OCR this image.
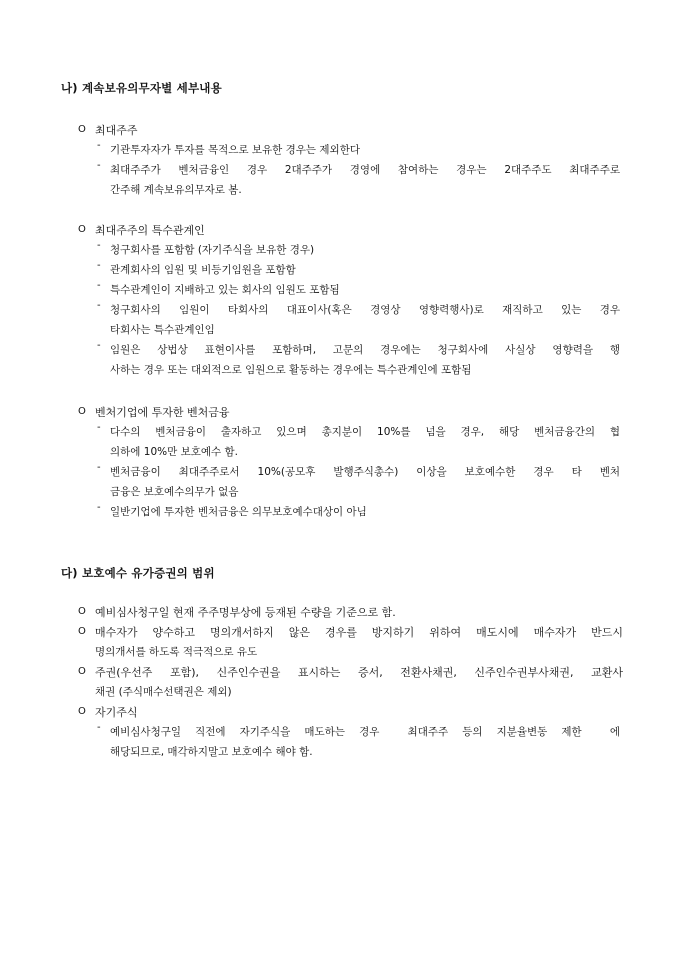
나) 계속보유의무자별 세부내용
O 최대주주
- 기관투자자가 투자를 목적으로 보유한 경우는 제외한다
- 최대주주가 벤처금융인 경우 2대주주가 경영에 참여하는 경우는 2대주주도 최대주주로
간주해 계속보유의무자로 봄.
O 최대주주의 특수관계인
- 청구회사를 포함함 (자기주식을 보유한 경우)
- 관계회사의 임원 및 비등기임원을 포함함
- 특수관계인이 지배하고 있는 회사의 임원도 포함됨
- 청구회사의 임원이 타회사의 대표이사(혹은 경영상 영향력행사)로 재직하고 있는 경우
타회사는 특수관계인임
- 임원은 상법상 표현이사를 포함하며, 고문의 경우에는 청구회사에 사실상 영향력을 행
사하는 경우 또는 대외적으로 임원으로 활동하는 경우에는 특수관계인에 포함됨
O 벤처기업에 투자한 벤처금융
- 다수의 벤처금융이 출자하고 있으며 총지분이 10%를 넘을 경우, 해당 벤처금융간의 협
의하에 10%만 보호예수 함.
- 벤처금융이 최대주주로서 10%(공모후 발행주식총수) 이상을 보호예수한 경우 타 벤처
금융은 보호예수의무가 없음
- 일반기업에 투자한 벤처금융은 의무보호예수대상이 아님
다) 보호예수 유가증권의 범위
O 예비심사청구일 현재 주주명부상에 등재된 수량을 기준으로 함.
O 매수자가 양수하고 명의개서하지 않은 경우를 방지하기 위하여 매도시에 매수자가 반드시
명의개서를 하도록 적극적으로 유도
O 주권(우선주 포함), 신주인수권을 표시하는 증서, 전환사채권, 신주인수권부사채권, 교환사
채권 (주식매수선택권은 제외)
O 자기주식
- 예비심사청구일 직전에 자기주식을 매도하는 경우  최대주주 등의 지분율변동 제한  에
해당되므로, 매각하지말고 보호예수 해야 함.
